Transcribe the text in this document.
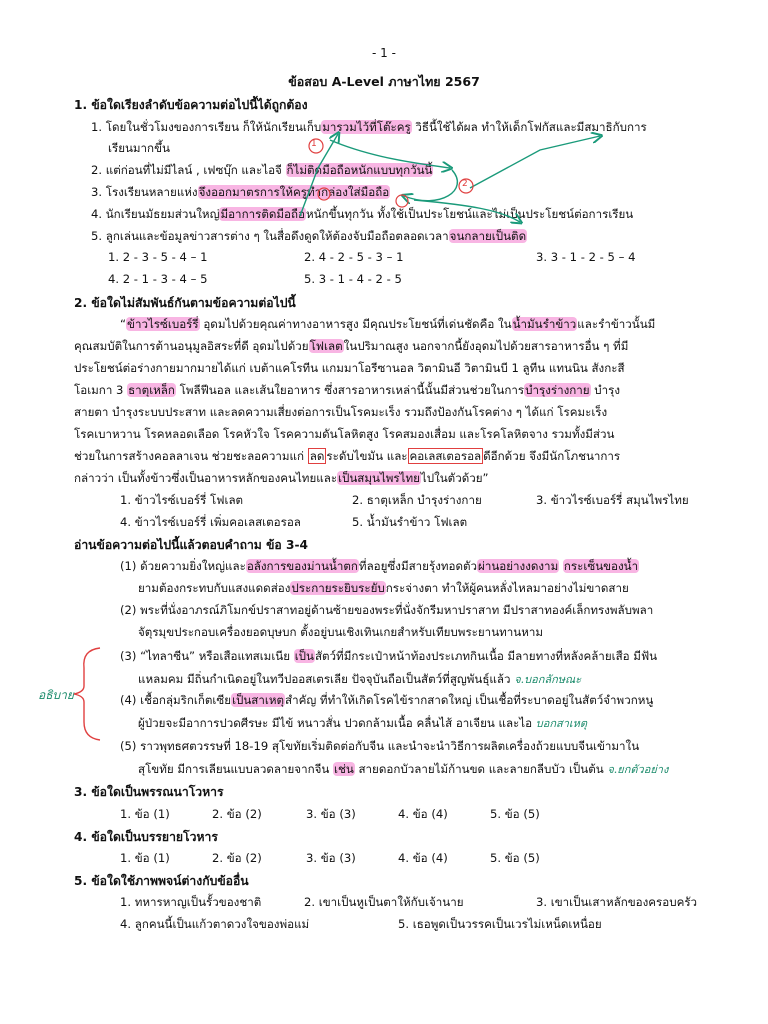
- 1 -
ข้อสอบ A-Level ภาษาไทย 2567
1. ข้อใดเรียงลำดับข้อความต่อไปนี้ได้ถูกต้อง
1. โดยในชั่วโมงของการเรียน ก็ให้นักเรียนเก็บมารวมไว้ที่โต๊ะครู วิธีนี้ใช้ได้ผล ทำให้เด็กโฟกัสและมีสมาธิกับการ
เรียนมากขึ้น
2. แต่ก่อนที่ไม่มีไลน์ , เฟซบุ๊ก และไอจี ก็ไม่ติดมือถือหนักแบบทุกวันนี้
3. โรงเรียนหลายแห่งจึงออกมาตรการให้ครูทำกล่องใส่มือถือ
4. นักเรียนมัธยมส่วนใหญ่มีอาการติดมือถือหนักขึ้นทุกวัน ทั้งใช้เป็นประโยชน์และไม่เป็นประโยชน์ต่อการเรียน
5. ลูกเล่นและข้อมูลข่าวสารต่าง ๆ ในสื่อดึงดูดให้ต้องจับมือถือตลอดเวลาจนกลายเป็นติด
1. 2 - 3 - 5 - 4 – 1	2. 4 - 2 - 5 - 3 – 1	3. 3 - 1 - 2 - 5 – 4
4. 2 - 1 - 3 - 4 – 5	5. 3 - 1 - 4 - 2 - 5
2. ข้อใดไม่สัมพันธ์กันตามข้อความต่อไปนี้
“ข้าวไรซ์เบอร์รี่ อุดมไปด้วยคุณค่าทางอาหารสูง มีคุณประโยชน์ที่เด่นชัดคือ ในน้ำมันรำข้าวและรำข้าวนั้นมี
คุณสมบัติในการต้านอนุมูลอิสระที่ดี อุดมไปด้วยโฟเลตในปริมาณสูง นอกจากนี้ยังอุดมไปด้วยสารอาหารอื่น ๆ ที่มี
ประโยชน์ต่อร่างกายมากมายได้แก่ เบต้าแคโรทีน แกมมาโอรีซานอล วิตามินอี วิตามินบี 1 ลูทีน แทนนิน สังกะสี
โอเมกา 3 ธาตุเหล็ก โพลีฟีนอล และเส้นใยอาหาร ซึ่งสารอาหารเหล่านี้นั้นมีส่วนช่วยในการบำรุงร่างกาย บำรุง
สายตา บำรุงระบบประสาท และลดความเสี่ยงต่อการเป็นโรคมะเร็ง รวมถึงป้องกันโรคต่าง ๆ ได้แก่ โรคมะเร็ง
โรคเบาหวาน โรคหลอดเลือด โรคหัวใจ โรคความดันโลหิตสูง โรคสมองเสื่อม และโรคโลหิตจาง รวมทั้งมีส่วน
ช่วยในการสร้างคอลลาเจน ช่วยชะลอความแก่ ลด ระดับไขมัน และ คอเลสเตอรอล ดีอีกด้วย จึงมีนักโภชนาการ
กล่าวว่า เป็นทั้งข้าวซึ่งเป็นอาหารหลักของคนไทยและเป็นสมุนไพรไทยไปในตัวด้วย”
1. ข้าวไรซ์เบอร์รี่ โฟเลต	2. ธาตุเหล็ก บำรุงร่างกาย	3. ข้าวไรซ์เบอร์รี่ สมุนไพรไทย
4. ข้าวไรซ์เบอร์รี่ เพิ่มคอเลสเตอรอล	5. น้ำมันรำข้าว โฟเลต
อ่านข้อความต่อไปนี้แล้วตอบคำถาม ข้อ 3-4
(1) ด้วยความยิ่งใหญ่และอลังการของม่านน้ำตกที่ลอยูซึ่งมีสายรุ้งทอดตัวผ่านอย่างงดงาม กระเซ็นของน้ำ
ยามต้องกระทบกับแสงแดดส่องประกายระยิบระยับกระจ่างตา ทำให้ผู้คนหลั่งไหลมาอย่างไม่ขาดสาย
(2) พระที่นั่งอาภรณ์ภิโมกข์ปราสาทอยู่ด้านซ้ายของพระที่นั่งจักรีมหาปราสาท มีปราสาทองค์เล็กทรงพลับพลา
จัตุรมุขประกอบเครื่องยอดบุษบก ตั้งอยู่บนเชิงเทินเกยสำหรับเทียบพระยานทานหาม
(3) “ไทลาซีน” หรือเสือแทสเมเนีย เป็นสัตว์ที่มีกระเป๋าหน้าท้องประเภทกินเนื้อ มีลายทางที่หลังคล้ายเสือ มีฟัน
แหลมคม มีถิ่นกำเนิดอยู่ในทวีปออสเตรเลีย ปัจจุบันถือเป็นสัตว์ที่สูญพันธุ์แล้ว จ.บอกลักษณะ
(4) เชื้อกลุ่มริกเก็ตเซียเป็นสาเหตุสำคัญ ที่ทำให้เกิดโรคไข้รากสาดใหญ่ เป็นเชื้อที่ระบาดอยู่ในสัตว์จำพวกหนู
ผู้ป่วยจะมีอาการปวดศีรษะ มีไข้ หนาวสั่น ปวดกล้ามเนื้อ คลื่นไส้ อาเจียน และไอ บอกสาเหตุ
(5) ราวพุทธศตวรรษที่ 18-19 สุโขทัยเริ่มติดต่อกับจีน และนำจะนำวิธีการผลิตเครื่องถ้วยแบบจีนเข้ามาใน
สุโขทัย มีการเลียนแบบลวดลายจากจีน เช่น สายดอกบัวลายไม้ก้านขด และลายกลีบบัว เป็นต้น จ.ยกตัวอย่าง
อธิบาย
3. ข้อใดเป็นพรรณนาโวหาร
1. ข้อ (1)	2. ข้อ (2)	3. ข้อ (3)	4. ข้อ (4)	5. ข้อ (5)
4. ข้อใดเป็นบรรยายโวหาร
1. ข้อ (1)	2. ข้อ (2)	3. ข้อ (3)	4. ข้อ (4)	5. ข้อ (5)
5. ข้อใดใช้ภาพพจน์ต่างกับข้ออื่น
1. ทหารหาญเป็นรั้วของชาติ	2. เขาเป็นหูเป็นตาให้กับเจ้านาย	3. เขาเป็นเสาหลักของครอบครัว
4. ลูกคนนี้เป็นแก้วตาดวงใจของพ่อแม่	5. เธอพูดเป็นวรรคเป็นเวรไม่เหน็ดเหนื่อย
1
2
